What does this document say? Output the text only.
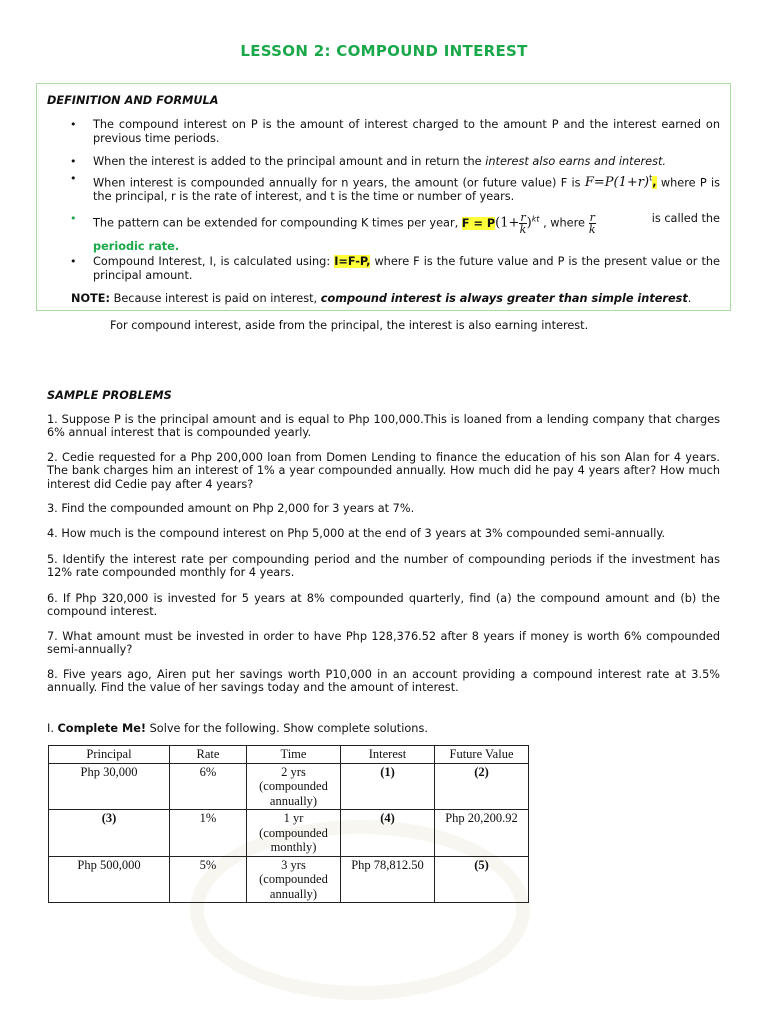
LESSON 2: COMPOUND INTEREST
DEFINITION AND FORMULA
• The compound interest on P is the amount of interest charged to the amount P and the interest earned on previous time periods.
• When the interest is added to the principal amount and in return the interest also earns and interest.
• When interest is compounded annually for n years, the amount (or future value) F is $F=P(1+r)^t$, where P is the principal, r is the rate of interest, and t is the time or number of years.
• The pattern can be extended for compounding K times per year, $F = P(1+ \frac{r}{k} )^{kt}$ , where $\frac{r}{k}$	is called the
periodic rate.
• Compound Interest, I, is calculated using: I=F-P, where F is the future value and P is the present value or the principal amount.
NOTE: Because interest is paid on interest, compound interest is always greater than simple interest.
For compound interest, aside from the principal, the interest is also earning interest.
SAMPLE PROBLEMS
1. Suppose P is the principal amount and is equal to Php 100,000.This is loaned from a lending company that charges 6% annual interest that is compounded yearly.
2. Cedie requested for a Php 200,000 loan from Domen Lending to finance the education of his son Alan for 4 years. The bank charges him an interest of 1% a year compounded annually. How much did he pay 4 years after? How much interest did Cedie pay after 4 years?
3. Find the compounded amount on Php 2,000 for 3 years at 7%.
4. How much is the compound interest on Php 5,000 at the end of 3 years at 3% compounded semi-annually.
5. Identify the interest rate per compounding period and the number of compounding periods if the investment has 12% rate compounded monthly for 4 years.
6. If Php 320,000 is invested for 5 years at 8% compounded quarterly, find (a) the compound amount and (b) the compound interest.
7. What amount must be invested in order to have Php 128,376.52 after 8 years if money is worth 6% compounded semi-annually?
8. Five years ago, Airen put her savings worth P10,000 in an account providing a compound interest rate at 3.5% annually. Find the value of her savings today and the amount of interest.
I. Complete Me! Solve for the following. Show complete solutions.
Principal	Rate	Time	Interest	Future Value
Php 30,000	6%	2 yrs (compounded annually)	(1)	(2)
(3)	1%	1 yr (compounded monthly)	(4)	Php 20,200.92
Php 500,000	5%	3 yrs (compounded annually)	Php 78,812.50	(5)
